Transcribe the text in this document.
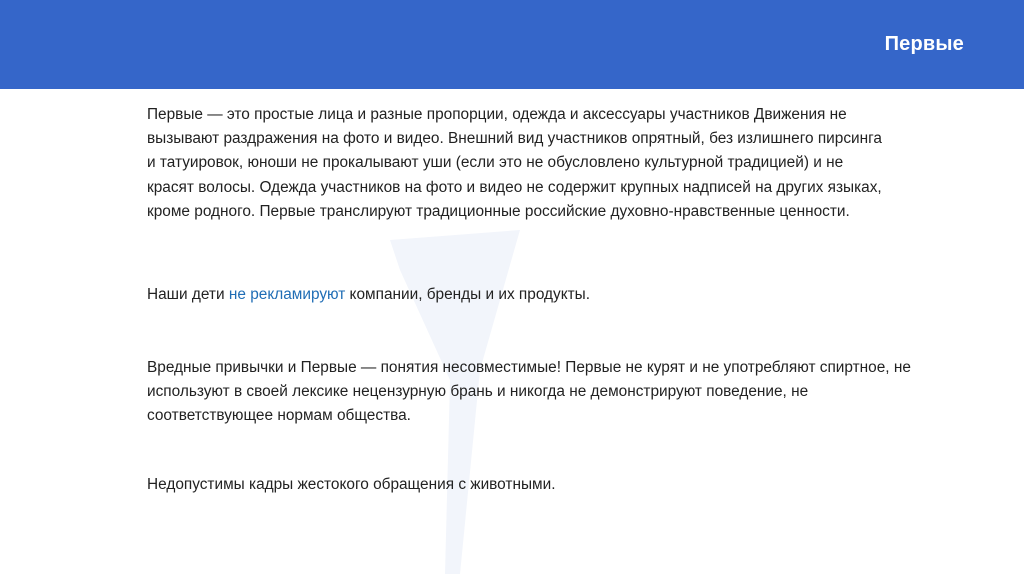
Первые

Первые — это простые лица и разные пропорции, одежда и аксессуары участников Движения не вызывают раздражения на фото и видео. Внешний вид участников опрятный, без излишнего пирсинга и татуировок, юноши не прокалывают уши (если это не обусловлено культурной традицией) и не красят волосы. Одежда участников на фото и видео не содержит крупных надписей на других языках, кроме родного. Первые транслируют традиционные российские духовно-нравственные ценности.

Наши дети не рекламируют компании, бренды и их продукты.

Вредные привычки и Первые — понятия несовместимые! Первые не курят и не употребляют спиртное, не используют в своей лексике нецензурную брань и никогда не демонстрируют поведение, не соответствующее нормам общества.

Недопустимы кадры жестокого обращения с животными.
